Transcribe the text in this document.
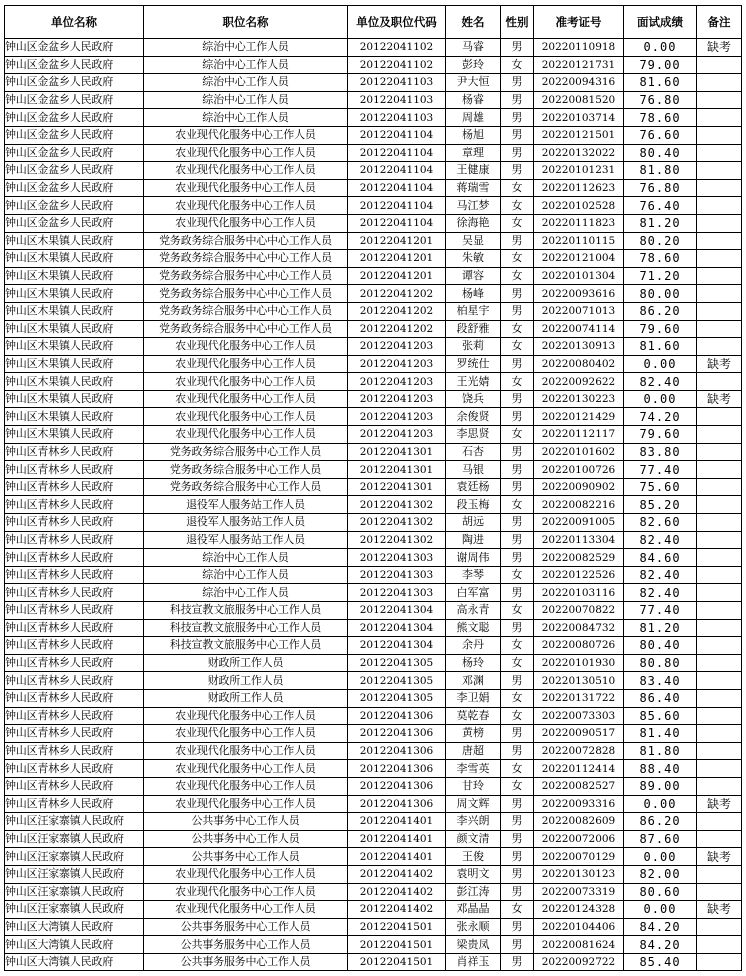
单位名称	职位名称	单位及职位代码	姓名	性别	准考证号	面试成绩	备注
钟山区金盆乡人民政府	综治中心工作人员	20122041102	马睿	男	20220110918	0.00	缺考
钟山区金盆乡人民政府	综治中心工作人员	20122041102	彭玲	女	20220121731	79.00	
钟山区金盆乡人民政府	综治中心工作人员	20122041103	尹大恒	男	20220094316	81.60	
钟山区金盆乡人民政府	综治中心工作人员	20122041103	杨睿	男	20220081520	76.80	
钟山区金盆乡人民政府	综治中心工作人员	20122041103	周雄	男	20220103714	78.60	
钟山区金盆乡人民政府	农业现代化服务中心工作人员	20122041104	杨旭	男	20220121501	76.60	
钟山区金盆乡人民政府	农业现代化服务中心工作人员	20122041104	章理	男	20220132022	80.40	
钟山区金盆乡人民政府	农业现代化服务中心工作人员	20122041104	王健康	男	20220101231	81.80	
钟山区金盆乡人民政府	农业现代化服务中心工作人员	20122041104	蒋瑞雪	女	20220112623	76.80	
钟山区金盆乡人民政府	农业现代化服务中心工作人员	20122041104	马江梦	女	20220102528	76.40	
钟山区金盆乡人民政府	农业现代化服务中心工作人员	20122041104	徐海艳	女	20220111823	81.20	
钟山区木果镇人民政府	党务政务综合服务中心中心工作人员	20122041201	吴显	男	20220110115	80.20	
钟山区木果镇人民政府	党务政务综合服务中心中心工作人员	20122041201	朱敏	女	20220121004	78.60	
钟山区木果镇人民政府	党务政务综合服务中心中心工作人员	20122041201	谭容	女	20220101304	71.20	
钟山区木果镇人民政府	党务政务综合服务中心中心工作人员	20122041202	杨峰	男	20220093616	80.00	
钟山区木果镇人民政府	党务政务综合服务中心中心工作人员	20122041202	柏星宇	男	20220071013	86.20	
钟山区木果镇人民政府	党务政务综合服务中心中心工作人员	20122041202	段舒雅	女	20220074114	79.60	
钟山区木果镇人民政府	农业现代化服务中心工作人员	20122041203	张莉	女	20220130913	81.60	
钟山区木果镇人民政府	农业现代化服务中心工作人员	20122041203	罗统仕	男	20220080402	0.00	缺考
钟山区木果镇人民政府	农业现代化服务中心工作人员	20122041203	王光婧	女	20220092622	82.40	
钟山区木果镇人民政府	农业现代化服务中心工作人员	20122041203	饶兵	男	20220130223	0.00	缺考
钟山区木果镇人民政府	农业现代化服务中心工作人员	20122041203	余俊贤	男	20220121429	74.20	
钟山区木果镇人民政府	农业现代化服务中心工作人员	20122041203	李思贤	女	20220112117	79.60	
钟山区青林乡人民政府	党务政务综合服务中心工作人员	20122041301	石杏	男	20220101602	83.80	
钟山区青林乡人民政府	党务政务综合服务中心工作人员	20122041301	马银	男	20220100726	77.40	
钟山区青林乡人民政府	党务政务综合服务中心工作人员	20122041301	袁廷杨	男	20220090902	75.60	
钟山区青林乡人民政府	退役军人服务站工作人员	20122041302	段玉梅	女	20220082216	85.20	
钟山区青林乡人民政府	退役军人服务站工作人员	20122041302	胡远	男	20220091005	82.60	
钟山区青林乡人民政府	退役军人服务站工作人员	20122041302	陶进	男	20220113304	82.40	
钟山区青林乡人民政府	综治中心工作人员	20122041303	谢周伟	男	20220082529	84.60	
钟山区青林乡人民政府	综治中心工作人员	20122041303	李琴	女	20220122526	82.40	
钟山区青林乡人民政府	综治中心工作人员	20122041303	白军富	男	20220103116	82.40	
钟山区青林乡人民政府	科技宣教文旅服务中心工作人员	20122041304	高永青	女	20220070822	77.40	
钟山区青林乡人民政府	科技宣教文旅服务中心工作人员	20122041304	熊文聪	男	20220084732	81.20	
钟山区青林乡人民政府	科技宣教文旅服务中心工作人员	20122041304	余丹	女	20220080726	80.40	
钟山区青林乡人民政府	财政所工作人员	20122041305	杨玲	女	20220101930	80.80	
钟山区青林乡人民政府	财政所工作人员	20122041305	邓渊	男	20220130510	83.40	
钟山区青林乡人民政府	财政所工作人员	20122041305	李卫娟	女	20220131722	86.40	
钟山区青林乡人民政府	农业现代化服务中心工作人员	20122041306	莫乾春	女	20220073303	85.60	
钟山区青林乡人民政府	农业现代化服务中心工作人员	20122041306	黄榜	男	20220090517	81.40	
钟山区青林乡人民政府	农业现代化服务中心工作人员	20122041306	唐超	男	20220072828	81.80	
钟山区青林乡人民政府	农业现代化服务中心工作人员	20122041306	李雪英	女	20220112414	88.40	
钟山区青林乡人民政府	农业现代化服务中心工作人员	20122041306	甘玲	女	20220082527	89.00	
钟山区青林乡人民政府	农业现代化服务中心工作人员	20122041306	周文辉	男	20220093316	0.00	缺考
钟山区汪家寨镇人民政府	公共事务中心工作人员	20122041401	李兴朗	男	20220082609	86.20	
钟山区汪家寨镇人民政府	公共事务中心工作人员	20122041401	颜文清	男	20220072006	87.60	
钟山区汪家寨镇人民政府	公共事务中心工作人员	20122041401	王俊	男	20220070129	0.00	缺考
钟山区汪家寨镇人民政府	农业现代化服务中心工作人员	20122041402	袁明文	男	20220130123	82.00	
钟山区汪家寨镇人民政府	农业现代化服务中心工作人员	20122041402	彭江涛	男	20220073319	80.60	
钟山区汪家寨镇人民政府	农业现代化服务中心工作人员	20122041402	邓晶晶	女	20220124328	0.00	缺考
钟山区大湾镇人民政府	公共事务服务中心工作人员	20122041501	张永顺	男	20220104406	84.20	
钟山区大湾镇人民政府	公共事务服务中心工作人员	20122041501	梁贵凤	男	20220081624	84.20	
钟山区大湾镇人民政府	公共事务服务中心工作人员	20122041501	肖祥玉	男	20220092722	85.40	
